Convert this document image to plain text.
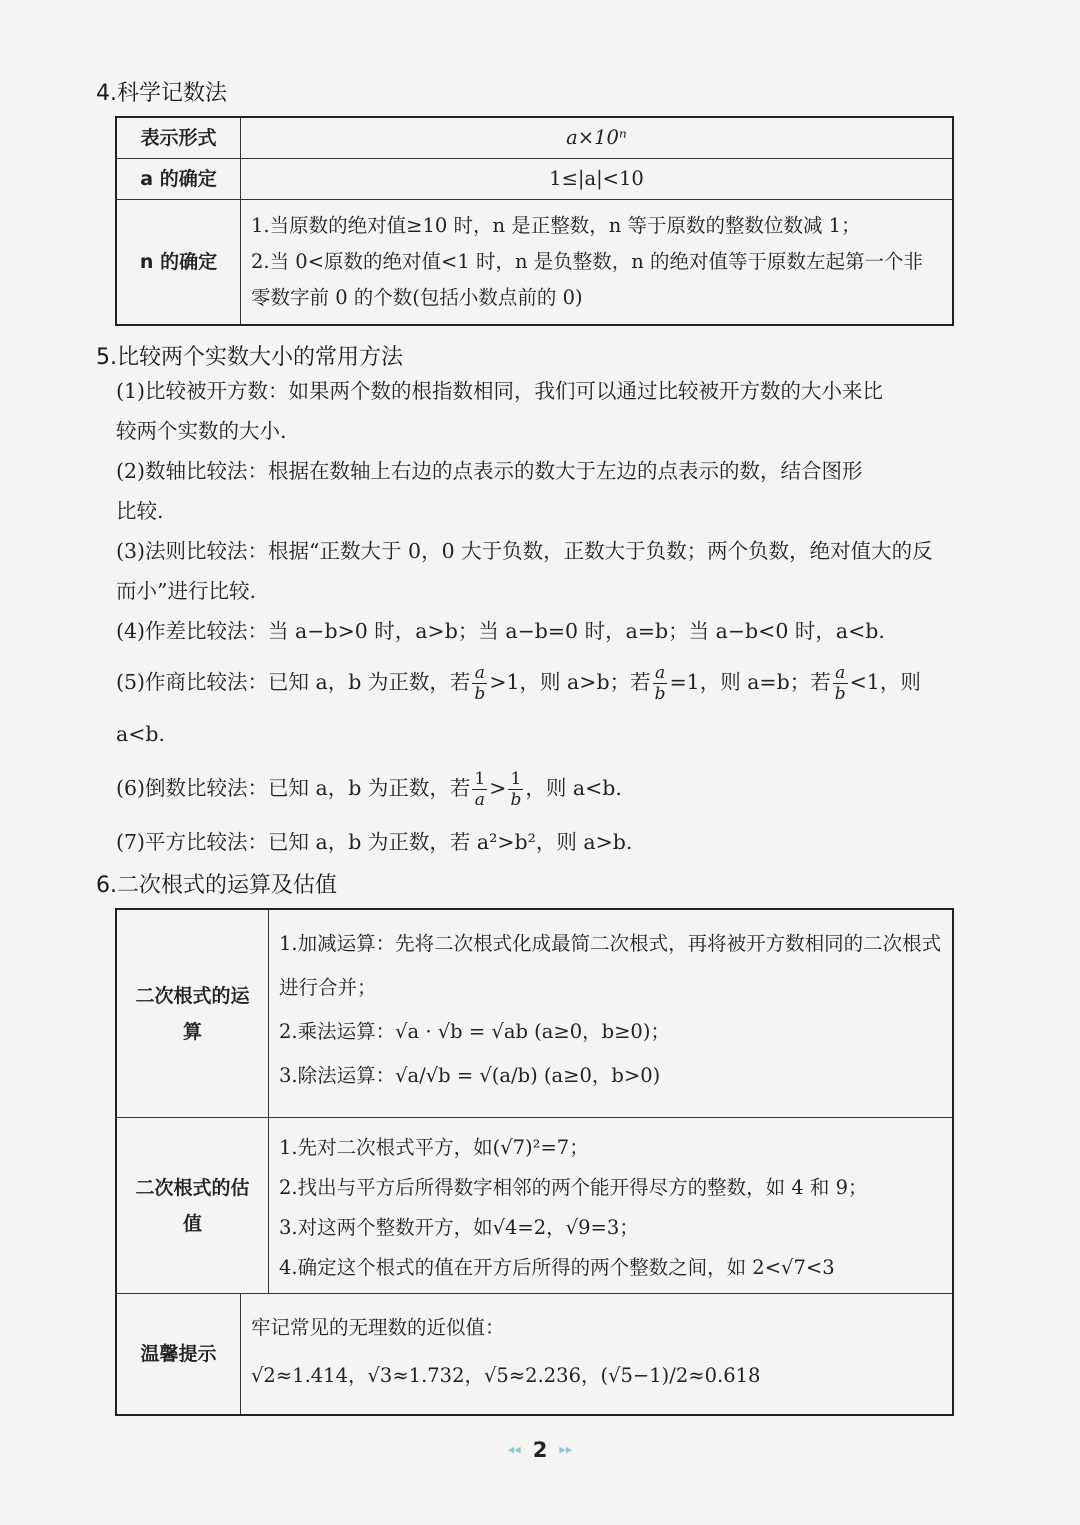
4.科学记数法
表示形式	a×10ⁿ
a 的确定	1≤|a|<10
n 的确定
1.当原数的绝对值≥10 时，n 是正整数，n 等于原数的整数位数减 1；
2.当 0<原数的绝对值<1 时，n 是负整数，n 的绝对值等于原数左起第一个非
零数字前 0 的个数(包括小数点前的 0)
5.比较两个实数大小的常用方法
(1)比较被开方数：如果两个数的根指数相同，我们可以通过比较被开方数的大小来比
较两个实数的大小.
(2)数轴比较法：根据在数轴上右边的点表示的数大于左边的点表示的数，结合图形
比较.
(3)法则比较法：根据“正数大于 0，0 大于负数，正数大于负数；两个负数，绝对值大的反
而小”进行比较.
(4)作差比较法：当 a−b>0 时，a>b；当 a−b=0 时，a=b；当 a−b<0 时，a<b.
(5)作商比较法：已知 a，b 为正数，若 $\frac{a}{b} >1$，则 a>b；若 $\frac{a}{b} =1$，则 a=b；若 $\frac{a}{b} <1$，则
a<b.
(6)倒数比较法：已知 a，b 为正数，若 $\frac{1}{a} > \frac{1}{b}$ ，则 a<b.
(7)平方比较法：已知 a，b 为正数，若 a²>b²，则 a>b.
6.二次根式的运算及估值
二次根式的运算
1.加减运算：先将二次根式化成最简二次根式，再将被开方数相同的二次根式
进行合并；
2.乘法运算：√a · √b = √ab (a≥0，b≥0)；
3.除法运算：√a/√b = √(a/b) (a≥0，b>0)
二次根式的估值
1.先对二次根式平方，如(√7)²=7；
2.找出与平方后所得数字相邻的两个能开得尽方的整数，如 4 和 9；
3.对这两个整数开方，如√4=2，√9=3；
4.确定这个根式的值在开方后所得的两个整数之间，如 2<√7<3
温馨提示
牢记常见的无理数的近似值：
√2≈1.414，√3≈1.732，√5≈2.236，(√5−1)/2≈0.618
◂◂ 2 ▸▸
